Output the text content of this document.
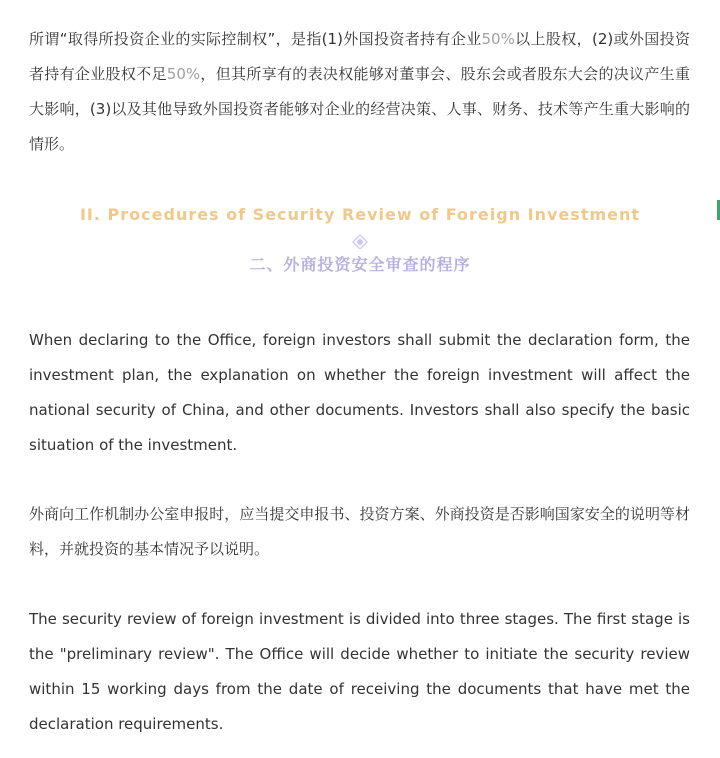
所谓“取得所投资企业的实际控制权”，是指(1)外国投资者持有企业50%以上股权，(2)或外国投资者持有企业股权不足50%，但其所享有的表决权能够对董事会、股东会或者股东大会的决议产生重大影响，(3)以及其他导致外国投资者能够对企业的经营决策、人事、财务、技术等产生重大影响的情形。

II. Procedures of Security Review of Foreign Investment
二、外商投资安全审查的程序

When declaring to the Office, foreign investors shall submit the declaration form, the investment plan, the explanation on whether the foreign investment will affect the national security of China, and other documents. Investors shall also specify the basic situation of the investment.

外商向工作机制办公室申报时，应当提交申报书、投资方案、外商投资是否影响国家安全的说明等材料，并就投资的基本情况予以说明。

The security review of foreign investment is divided into three stages. The first stage is the "preliminary review". The Office will decide whether to initiate the security review within 15 working days from the date of receiving the documents that have met the declaration requirements.
